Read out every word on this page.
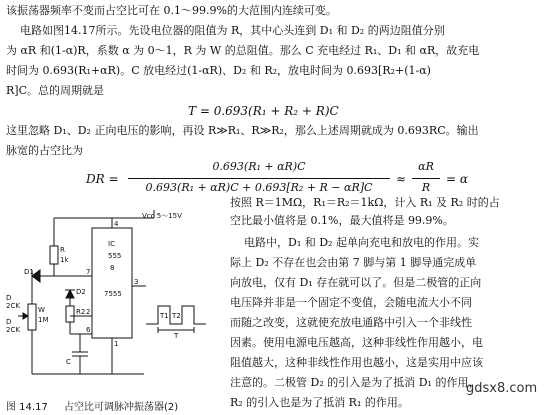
该振荡器频率不变而占空比可在 0.1～99.9%的大范围内连续可变。
电路如图14.17所示。先设电位器的阻值为 R，其中心头连到 D₁ 和 D₂ 的两边阻值分别
为 αR 和(1-α)R，系数 α 为 0～1，R 为 W 的总阻值。那么 C 充电经过 R₁、D₁ 和 αR，故充电
时间为 0.693(R₁+αR)。C 放电经过(1-αR)、D₂ 和 R₂，放电时间为 0.693[R₂+(1-α)
R]C。总的周期就是
T = 0.693(R₁ + R₂ + R)C
这里忽略 D₁、D₂ 正向电压的影响，再设 R≫R₁、R≫R₂，那么上述周期就成为 0.693RC。输出
脉宽的占空比为
DR =
0.693(R₁ + αR)C
0.693(R₁ + αR)C + 0.693[R₂ + R − αR]C
≈
αR
R
= α
按照 R＝1MΩ，R₁＝R₂＝1kΩ，计入 R₁ 及 R₂ 时的占
空比最小值将是 0.1%，最大值将是 99.9%。
电路中，D₁ 和 D₂ 起单向充电和放电的作用。实
际上 D₂ 不存在也会由第 7 脚与第 1 脚导通完成单
向放电，仅有 D₁ 存在就可以了。但是二极管的正向
电压降并非是一个固定不变值，会随电流大小不同
而随之改变，这就使充放电通路中引入一个非线性
因素。使用电源电压越高，这种非线性作用越小，电
阻值越大，这种非线性作用也越小，这是实用中应该
注意的。二极管 D₂ 的引入是为了抵消 D₁ 的作用，
R₂ 的引入也是为了抵消 R₁ 的作用。
Vcc 5～15V
IC
555
8
7555
D1
D2
R
1k
W
1M
R2
C
2
6
7
3
1
4
T1 T2
T
D
2CK
D
2CK
图 14.17 占空比可调脉冲振荡器(2)
gdsx8.com
